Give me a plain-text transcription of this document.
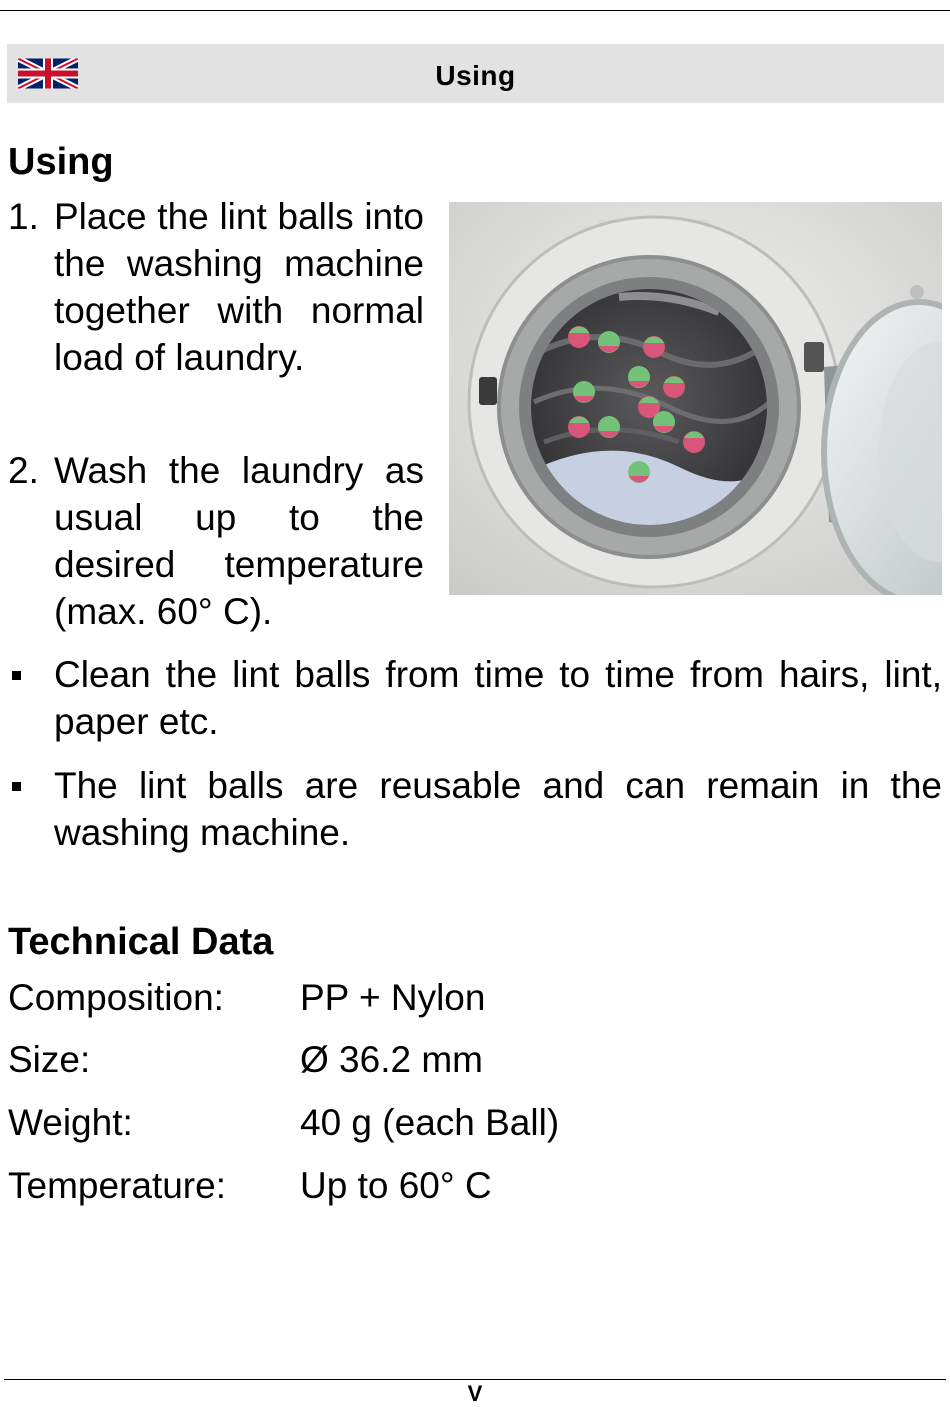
Using
Using
1. Place the lint balls into the washing machine together with normal load of laundry.
2. Wash the laundry as usual up to the desired temperature (max. 60° C).
Clean the lint balls from time to time from hairs, lint, paper etc.
The lint balls are reusable and can remain in the washing machine.
Technical Data
Composition: PP + Nylon
Size:	Ø 36.2 mm
Weight:	40 g (each Ball)
Temperature: Up to 60° C
V
